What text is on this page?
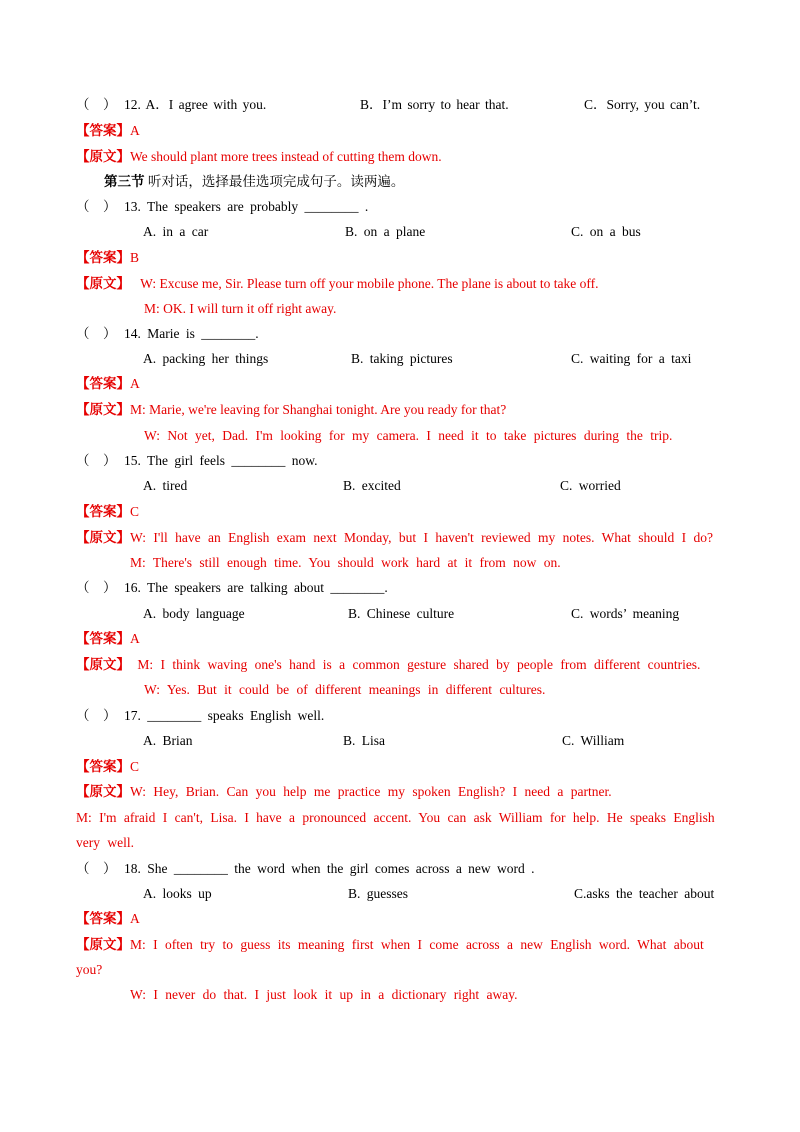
（　） 12. A．I agree with you.	B．I’m sorry to hear that.	C．Sorry, you can’t.
【答案】A
【原文】We should plant more trees instead of cutting them down.
第三节 听对话，选择最佳选项完成句子。读两遍。
（　） 13. The speakers are probably ________ .
A. in a car	B. on a plane	C. on a bus
【答案】B
【原文】 W: Excuse me, Sir. Please turn off your mobile phone. The plane is about to take off.
M: OK. I will turn it off right away.
（　） 14. Marie is ________.
A. packing her things	B. taking pictures	C. waiting for a taxi
【答案】A
【原文】M: Marie, we're leaving for Shanghai tonight. Are you ready for that?
W: Not yet, Dad. I'm looking for my camera. I need it to take pictures during the trip.
（　） 15. The girl feels ________ now.
A. tired	B. excited	C. worried
【答案】C
【原文】W: I'll have an English exam next Monday, but I haven't reviewed my notes. What should I do?
M: There's still enough time. You should work hard at it from now on.
（　） 16. The speakers are talking about ________.
A. body language	B. Chinese culture	C. words’ meaning
【答案】A
【原文】 M: I think waving one's hand is a common gesture shared by people from different countries.
W: Yes. But it could be of different meanings in different cultures.
（　） 17. ________ speaks English well.
A. Brian	B. Lisa	C. William
【答案】C
【原文】W: Hey, Brian. Can you help me practice my spoken English? I need a partner.
M: I'm afraid I can't, Lisa. I have a pronounced accent. You can ask William for help. He speaks English
very well.
（　） 18. She ________ the word when the girl comes across a new word .
A. looks up	B. guesses	C.asks the teacher about
【答案】A
【原文】M: I often try to guess its meaning first when I come across a new English word. What about
you?
W: I never do that. I just look it up in a dictionary right away.
